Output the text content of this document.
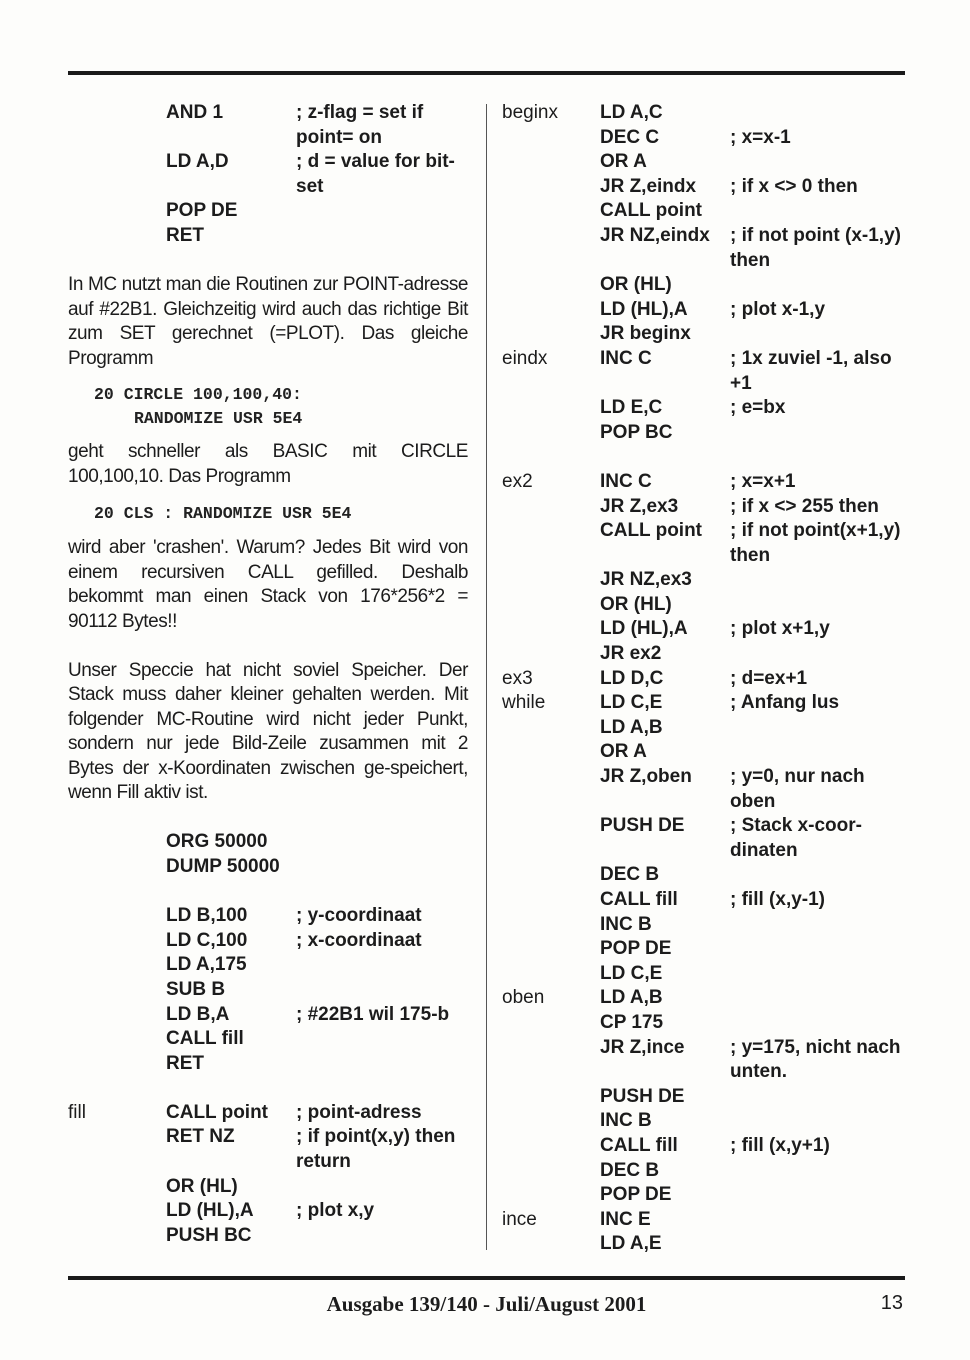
AND 1	; z-flag = set if point= on
LD A,D	; d = value for bit-set
POP DE
RET

In MC nutzt man die Routinen zur POINT-adresse auf #22B1. Gleichzeitig wird auch das richtige Bit zum SET gerechnet (=PLOT). Das gleiche Programm

20 CIRCLE 100,100,40:
RANDOMIZE USR 5E4

geht schneller als BASIC mit CIRCLE 100,100,10. Das Programm

20 CLS : RANDOMIZE USR 5E4

wird aber 'crashen'. Warum? Jedes Bit wird von einem recursiven CALL gefilled. Deshalb bekommt man einen Stack von 176*256*2 = 90112 Bytes!!

Unser Speccie hat nicht soviel Speicher. Der Stack muss daher kleiner gehalten werden. Mit folgender MC-Routine wird nicht jeder Punkt, sondern nur jede Bild-Zeile zusammen mit 2 Bytes der x-Koordinaten zwischen ge-speichert, wenn Fill aktiv ist.

ORG 50000
DUMP 50000
LD B,100	; y-coordinaat
LD C,100	; x-coordinaat
LD A,175
SUB B
LD B,A	; #22B1 wil 175-b
CALL fill
RET
fill	CALL point	; point-adress
RET NZ	; if point(x,y) then return
OR (HL)
LD (HL),A	; plot x,y
PUSH BC
beginx	LD A,C
DEC C	; x=x-1
OR A
JR Z,eindx	; if x <> 0 then
CALL point
JR NZ,eindx	; if not point (x-1,y) then
OR (HL)
LD (HL),A	; plot x-1,y
JR beginx
eindx	INC C	; 1x zuviel -1, also +1
LD E,C	; e=bx
POP BC
ex2	INC C	; x=x+1
JR Z,ex3	; if x <> 255 then
CALL point	; if not point(x+1,y) then
JR NZ,ex3
OR (HL)
LD (HL),A	; plot x+1,y
JR ex2
ex3	LD D,C	; d=ex+1
while	LD C,E	; Anfang lus
LD A,B
OR A
JR Z,oben	; y=0, nur nach oben
PUSH DE	; Stack x-coor-dinaten
DEC B
CALL fill	; fill (x,y-1)
INC B
POP DE
LD C,E
oben	LD A,B
CP 175
JR Z,ince	; y=175, nicht nach unten.
PUSH DE
INC B
CALL fill	; fill (x,y+1)
DEC B
POP DE
ince	INC E
LD A,E
Ausgabe 139/140 - Juli/August 2001	13
